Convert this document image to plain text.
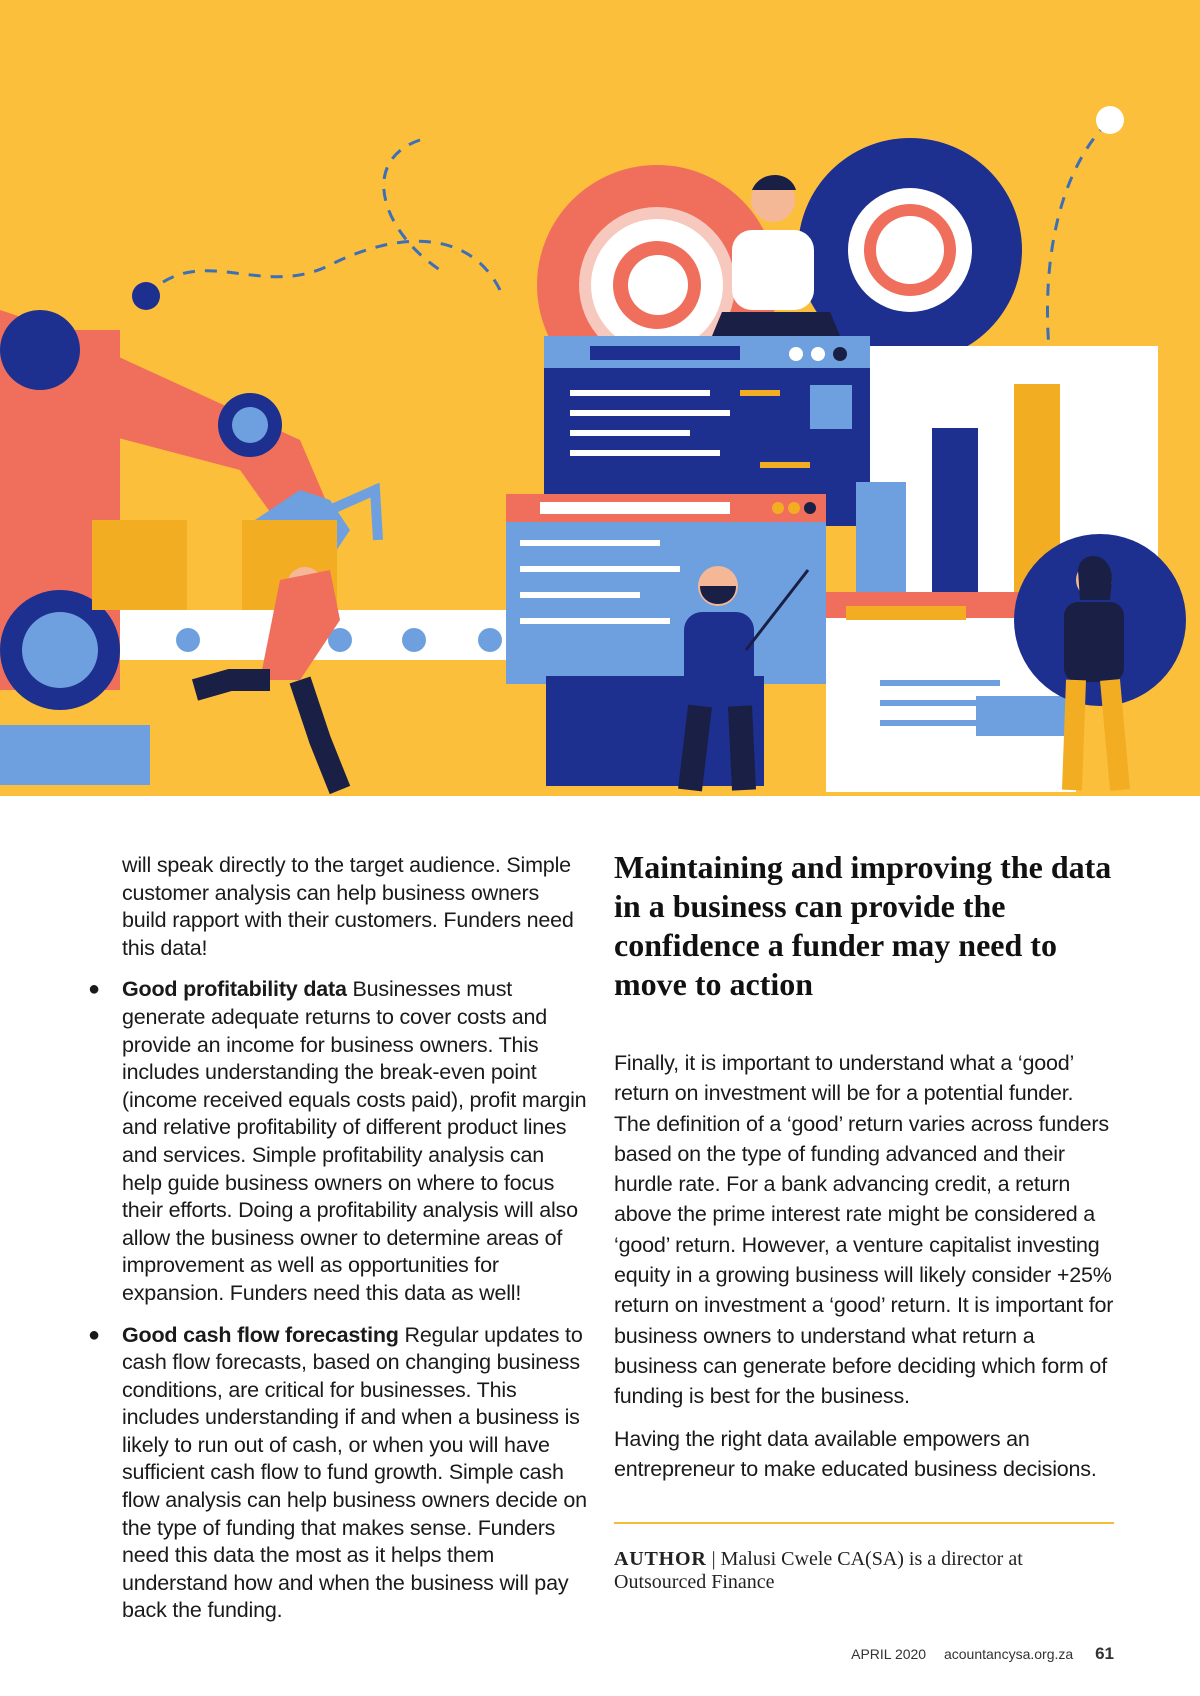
will speak directly to the target audience. Simple customer analysis can help business owners build rapport with their customers. Funders need this data!

● Good profitability data Businesses must generate adequate returns to cover costs and provide an income for business owners. This includes understanding the break-even point (income received equals costs paid), profit margin and relative profitability of different product lines and services. Simple profitability analysis can help guide business owners on where to focus their efforts. Doing a profitability analysis will also allow the business owner to determine areas of improvement as well as opportunities for expansion. Funders need this data as well!
● Good cash flow forecasting Regular updates to cash flow forecasts, based on changing business conditions, are critical for businesses. This includes understanding if and when a business is likely to run out of cash, or when you will have sufficient cash flow to fund growth. Simple cash flow analysis can help business owners decide on the type of funding that makes sense. Funders need this data the most as it helps them understand how and when the business will pay back the funding.
Maintaining and improving the data in a business can provide the confidence a funder may need to move to action

Finally, it is important to understand what a ‘good’ return on investment will be for a potential funder. The definition of a ‘good’ return varies across funders based on the type of funding advanced and their hurdle rate. For a bank advancing credit, a return above the prime interest rate might be considered a ‘good’ return. However, a venture capitalist investing equity in a growing business will likely consider +25% return on investment a ‘good’ return. It is important for business owners to understand what return a business can generate before deciding which form of funding is best for the business.

Having the right data available empowers an entrepreneur to make educated business decisions.

AUTHOR | Malusi Cwele CA(SA) is a director at Outsourced Finance
APRIL 2020 acountancysa.org.za 61
